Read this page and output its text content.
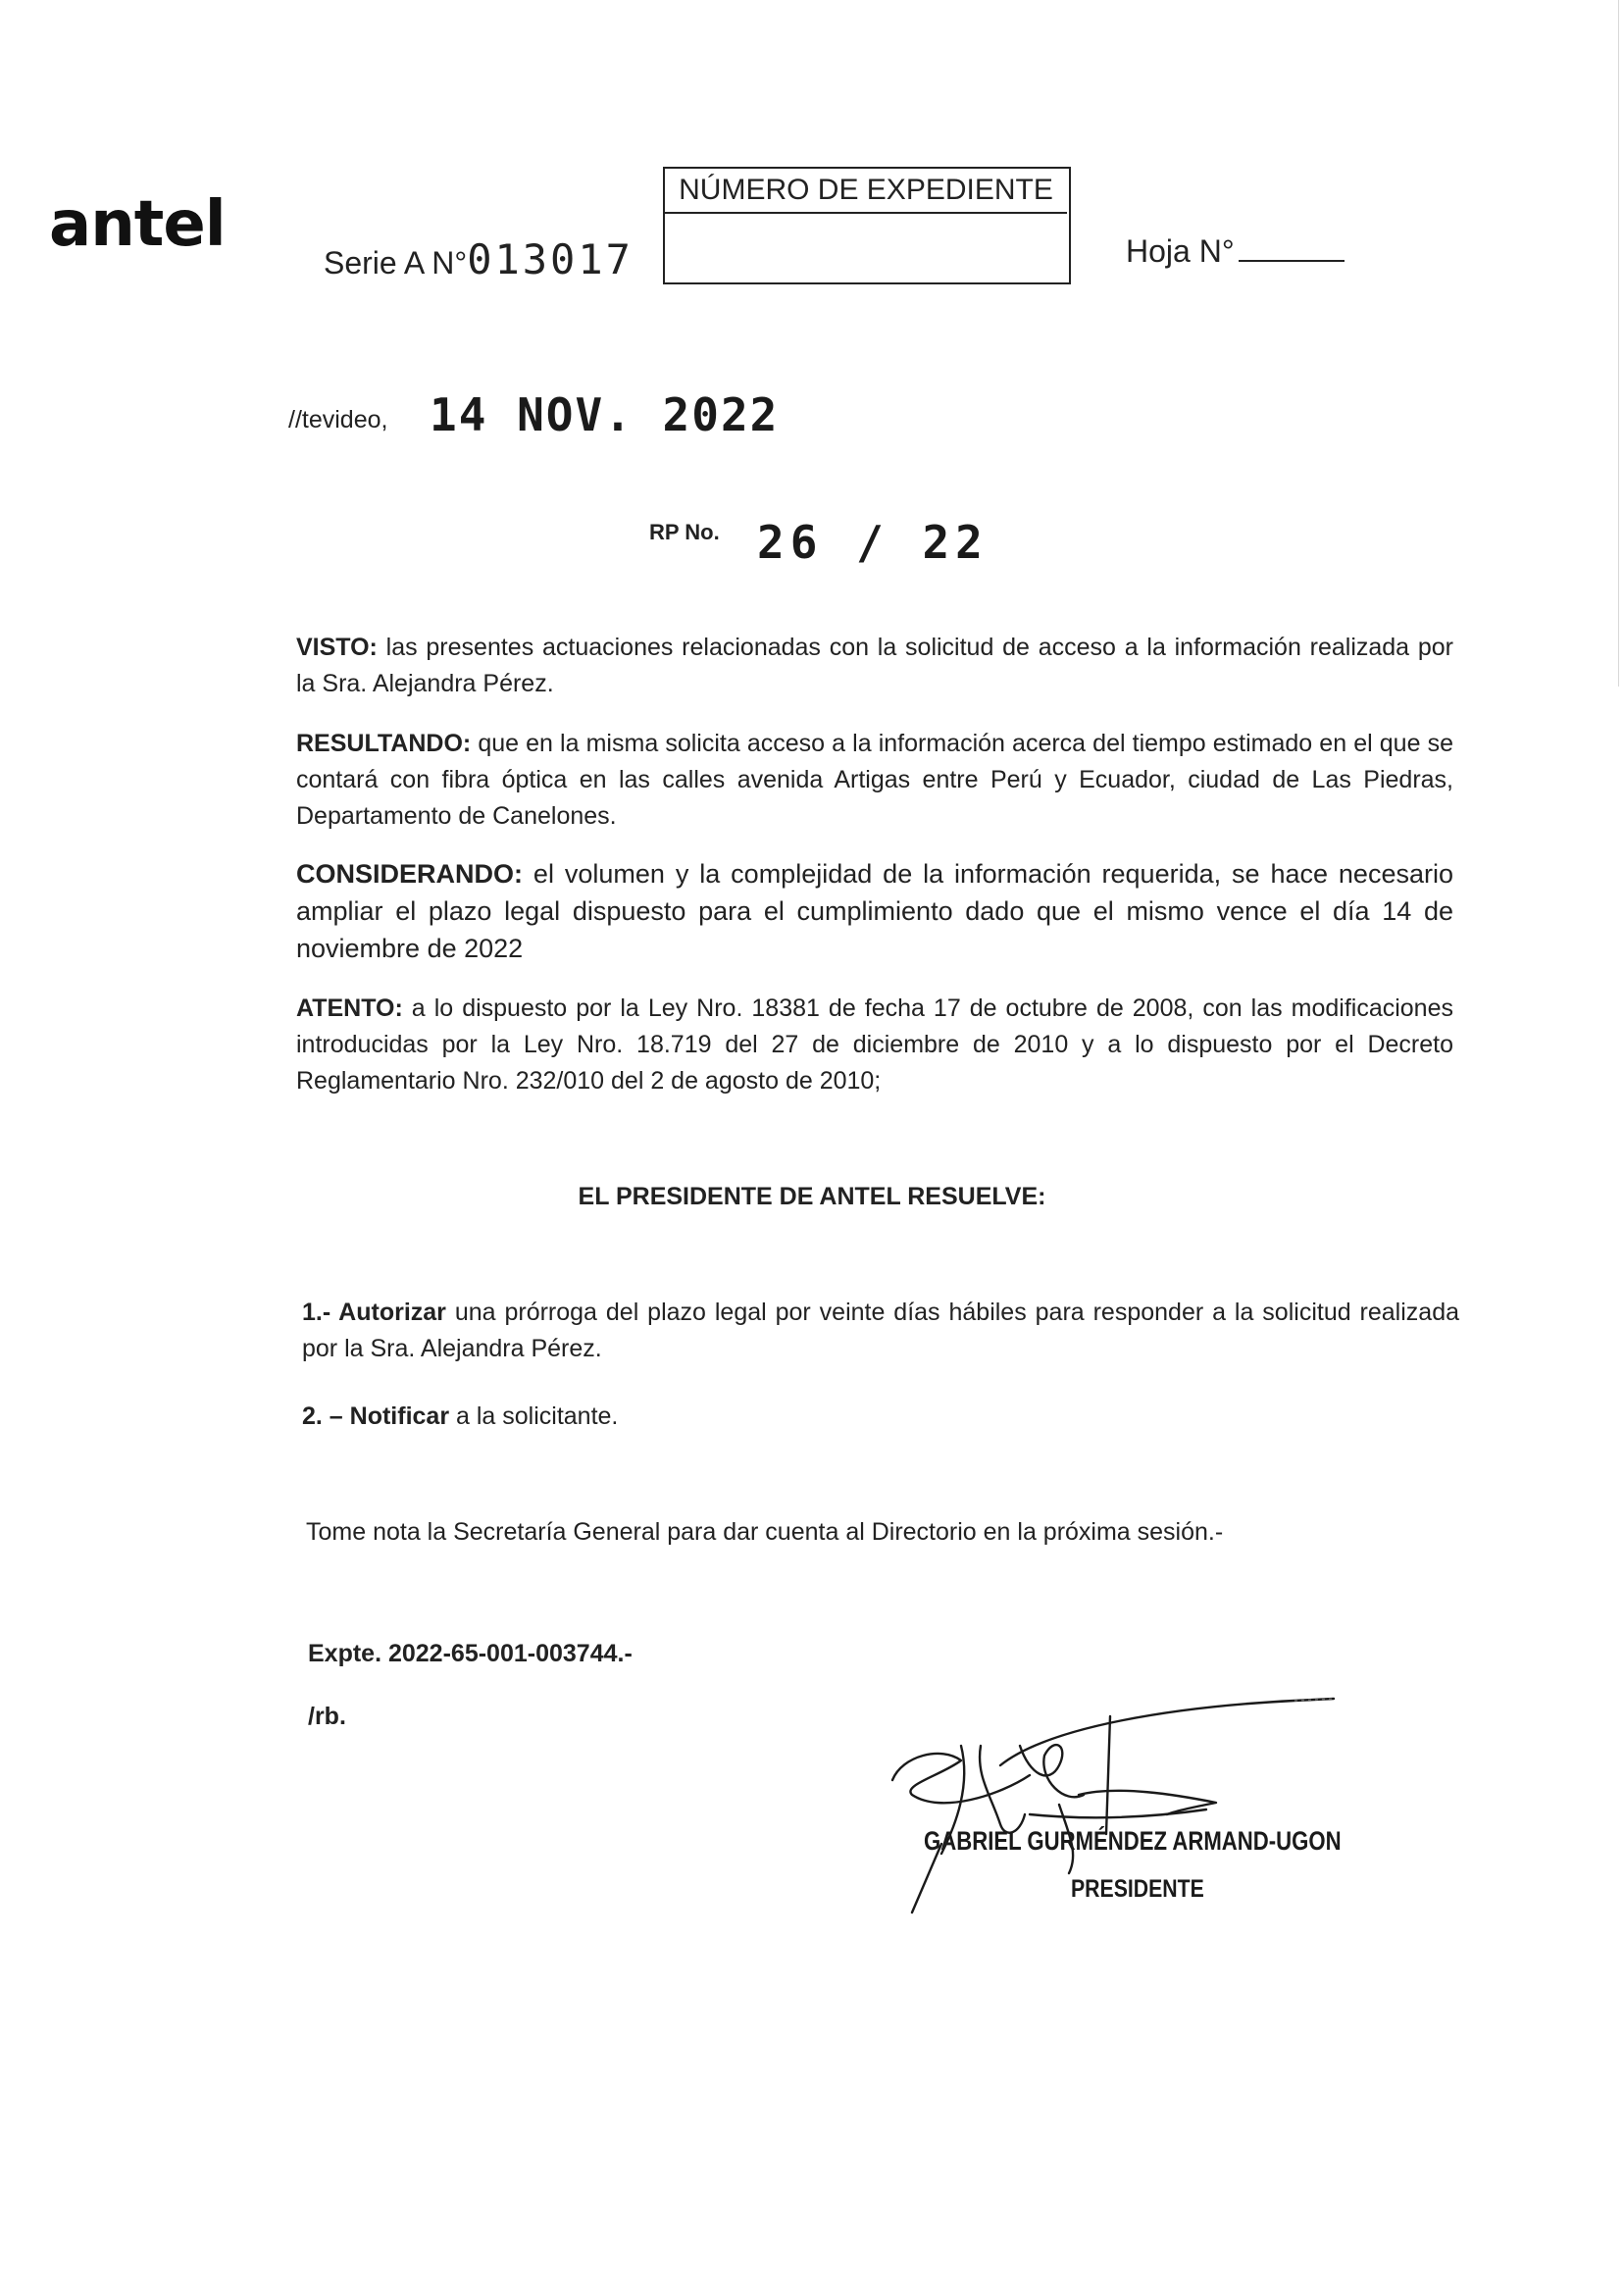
antel
Serie A N°013017
NÚMERO DE EXPEDIENTE
Hoja N°
//tevideo, 14 NOV. 2022
RP No. 26 / 22
VISTO: las presentes actuaciones relacionadas con la solicitud de acceso a la información realizada por la Sra. Alejandra Pérez.
RESULTANDO: que en la misma solicita acceso a la información acerca del tiempo estimado en el que se contará con fibra óptica en las calles avenida Artigas entre Perú y Ecuador, ciudad de Las Piedras, Departamento de Canelones.
CONSIDERANDO: el volumen y la complejidad de la información requerida, se hace necesario ampliar el plazo legal dispuesto para el cumplimiento dado que el mismo vence el día 14 de noviembre de 2022
ATENTO: a lo dispuesto por la Ley Nro. 18381 de fecha 17 de octubre de 2008, con las modificaciones introducidas por la Ley Nro. 18.719 del 27 de diciembre de 2010 y a lo dispuesto por el Decreto Reglamentario Nro. 232/010 del 2 de agosto de 2010;
EL PRESIDENTE DE ANTEL RESUELVE:
1.- Autorizar una prórroga del plazo legal por veinte días hábiles para responder a la solicitud realizada por la Sra. Alejandra Pérez.
2. – Notificar a la solicitante.
Tome nota la Secretaría General para dar cuenta al Directorio en la próxima sesión.-
Expte. 2022-65-001-003744.-
/rb.
GABRIEL GURMÉNDEZ ARMAND-UGON
PRESIDENTE
